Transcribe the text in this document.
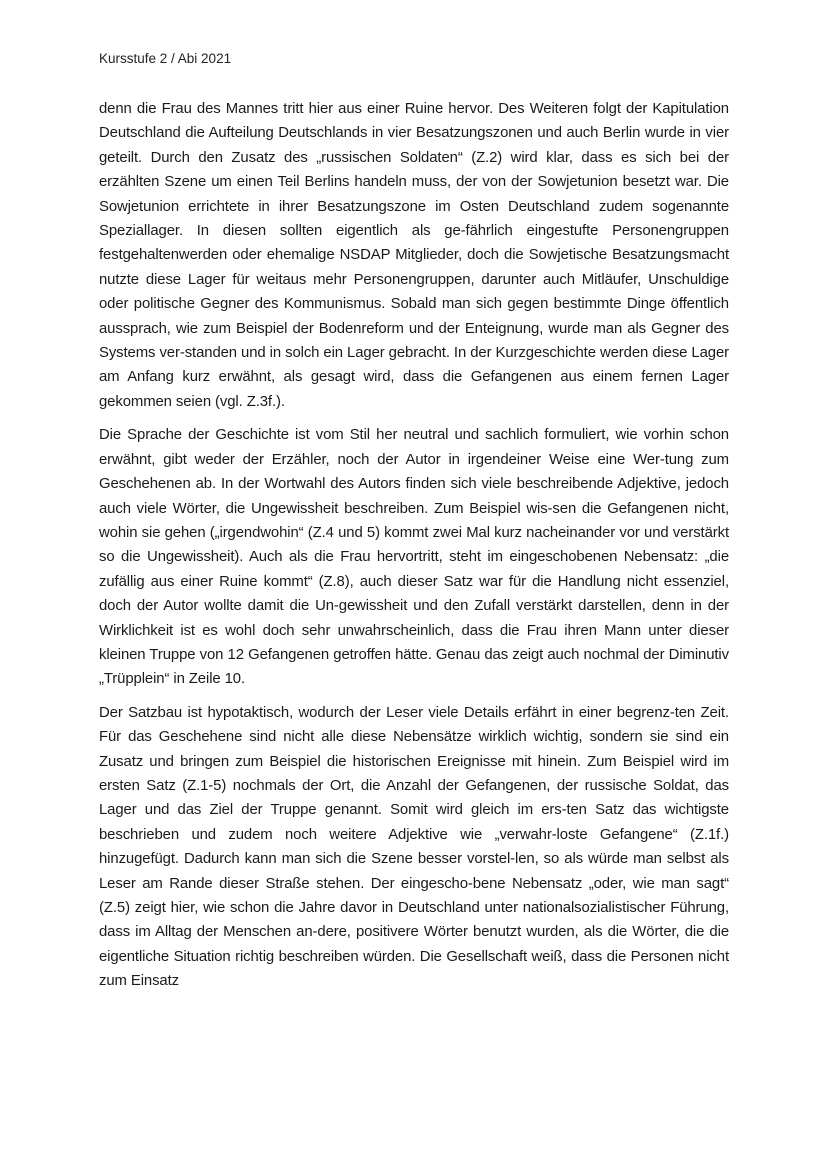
Kursstufe 2 / Abi 2021

denn die Frau des Mannes tritt hier aus einer Ruine hervor. Des Weiteren folgt der Kapitulation Deutschland die Aufteilung Deutschlands in vier Besatzungszonen und auch Berlin wurde in vier geteilt. Durch den Zusatz des „russischen Soldaten“ (Z.2) wird klar, dass es sich bei der erzählten Szene um einen Teil Berlins handeln muss, der von der Sowjetunion besetzt war. Die Sowjetunion errichtete in ihrer Besatzungszone im Osten Deutschland zudem sogenannte Speziallager. In diesen sollten eigentlich als ge-fährlich eingestufte Personengruppen festgehaltenwerden oder ehemalige NSDAP Mitglieder, doch die Sowjetische Besatzungsmacht nutzte diese Lager für weitaus mehr Personengruppen, darunter auch Mitläufer, Unschuldige oder politische Gegner des Kommunismus. Sobald man sich gegen bestimmte Dinge öffentlich aussprach, wie zum Beispiel der Bodenreform und der Enteignung, wurde man als Gegner des Systems ver-standen und in solch ein Lager gebracht. In der Kurzgeschichte werden diese Lager am Anfang kurz erwähnt, als gesagt wird, dass die Gefangenen aus einem fernen Lager gekommen seien (vgl. Z.3f.).

Die Sprache der Geschichte ist vom Stil her neutral und sachlich formuliert, wie vorhin schon erwähnt, gibt weder der Erzähler, noch der Autor in irgendeiner Weise eine Wer-tung zum Geschehenen ab. In der Wortwahl des Autors finden sich viele beschreibende Adjektive, jedoch auch viele Wörter, die Ungewissheit beschreiben. Zum Beispiel wis-sen die Gefangenen nicht, wohin sie gehen („irgendwohin“ (Z.4 und 5) kommt zwei Mal kurz nacheinander vor und verstärkt so die Ungewissheit). Auch als die Frau hervortritt, steht im eingeschobenen Nebensatz: „die zufällig aus einer Ruine kommt“ (Z.8), auch dieser Satz war für die Handlung nicht essenziel, doch der Autor wollte damit die Un-gewissheit und den Zufall verstärkt darstellen, denn in der Wirklichkeit ist es wohl doch sehr unwahrscheinlich, dass die Frau ihren Mann unter dieser kleinen Truppe von 12 Gefangenen getroffen hätte. Genau das zeigt auch nochmal der Diminutiv „Trüpplein“ in Zeile 10.

Der Satzbau ist hypotaktisch, wodurch der Leser viele Details erfährt in einer begrenz-ten Zeit. Für das Geschehene sind nicht alle diese Nebensätze wirklich wichtig, sondern sie sind ein Zusatz und bringen zum Beispiel die historischen Ereignisse mit hinein. Zum Beispiel wird im ersten Satz (Z.1-5) nochmals der Ort, die Anzahl der Gefangenen, der russische Soldat, das Lager und das Ziel der Truppe genannt. Somit wird gleich im ers-ten Satz das wichtigste beschrieben und zudem noch weitere Adjektive wie „verwahr-loste Gefangene“ (Z.1f.) hinzugefügt. Dadurch kann man sich die Szene besser vorstel-len, so als würde man selbst als Leser am Rande dieser Straße stehen. Der eingescho-bene Nebensatz „oder, wie man sagt“ (Z.5) zeigt hier, wie schon die Jahre davor in Deutschland unter nationalsozialistischer Führung, dass im Alltag der Menschen an-dere, positivere Wörter benutzt wurden, als die Wörter, die die eigentliche Situation richtig beschreiben würden. Die Gesellschaft weiß, dass die Personen nicht zum Einsatz
